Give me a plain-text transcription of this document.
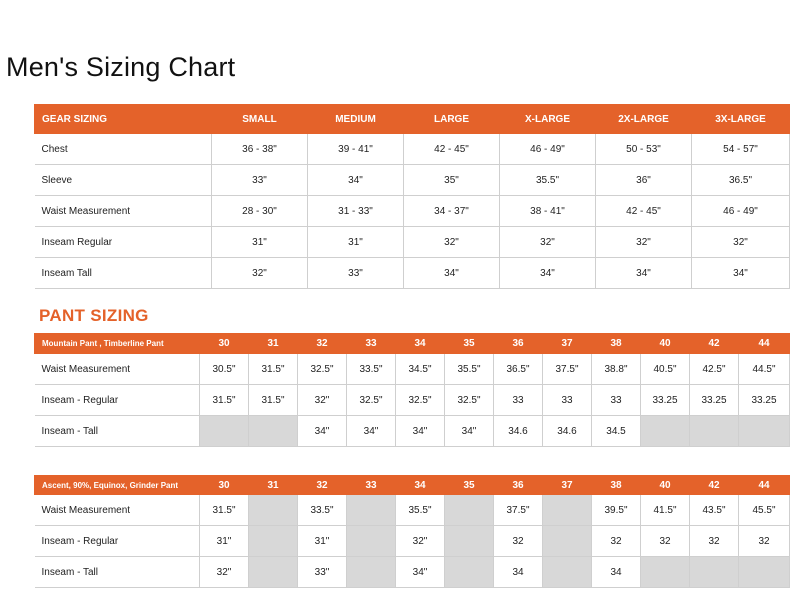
Men's Sizing Chart
GEAR SIZING	SMALL	MEDIUM	LARGE	X-LARGE	2X-LARGE	3X-LARGE
Chest	36 - 38"	39 - 41"	42 - 45"	46 - 49"	50 - 53"	54 - 57"
Sleeve	33"	34"	35"	35.5"	36"	36.5"
Waist Measurement	28 - 30"	31 - 33"	34 - 37"	38 - 41"	42 - 45"	46 - 49"
Inseam Regular	31"	31"	32"	32"	32"	32"
Inseam Tall	32"	33"	34"	34"	34"	34"
PANT SIZING
Mountain Pant , Timberline Pant	30	31	32	33	34	35	36	37	38	40	42	44
Waist Measurement	30.5"	31.5"	32.5"	33.5"	34.5"	35.5"	36.5"	37.5"	38.8"	40.5"	42.5"	44.5"
Inseam - Regular	31.5"	31.5"	32"	32.5"	32.5"	32.5"	33	33	33	33.25	33.25	33.25
Inseam - Tall			34"	34"	34"	34"	34.6	34.6	34.5			
Ascent, 90%, Equinox, Grinder Pant	30	31	32	33	34	35	36	37	38	40	42	44
Waist Measurement	31.5"		33.5"		35.5"		37.5"		39.5"	41.5"	43.5"	45.5"
Inseam - Regular	31"		31"		32"		32		32	32	32	32
Inseam - Tall	32"		33"		34"		34		34			
